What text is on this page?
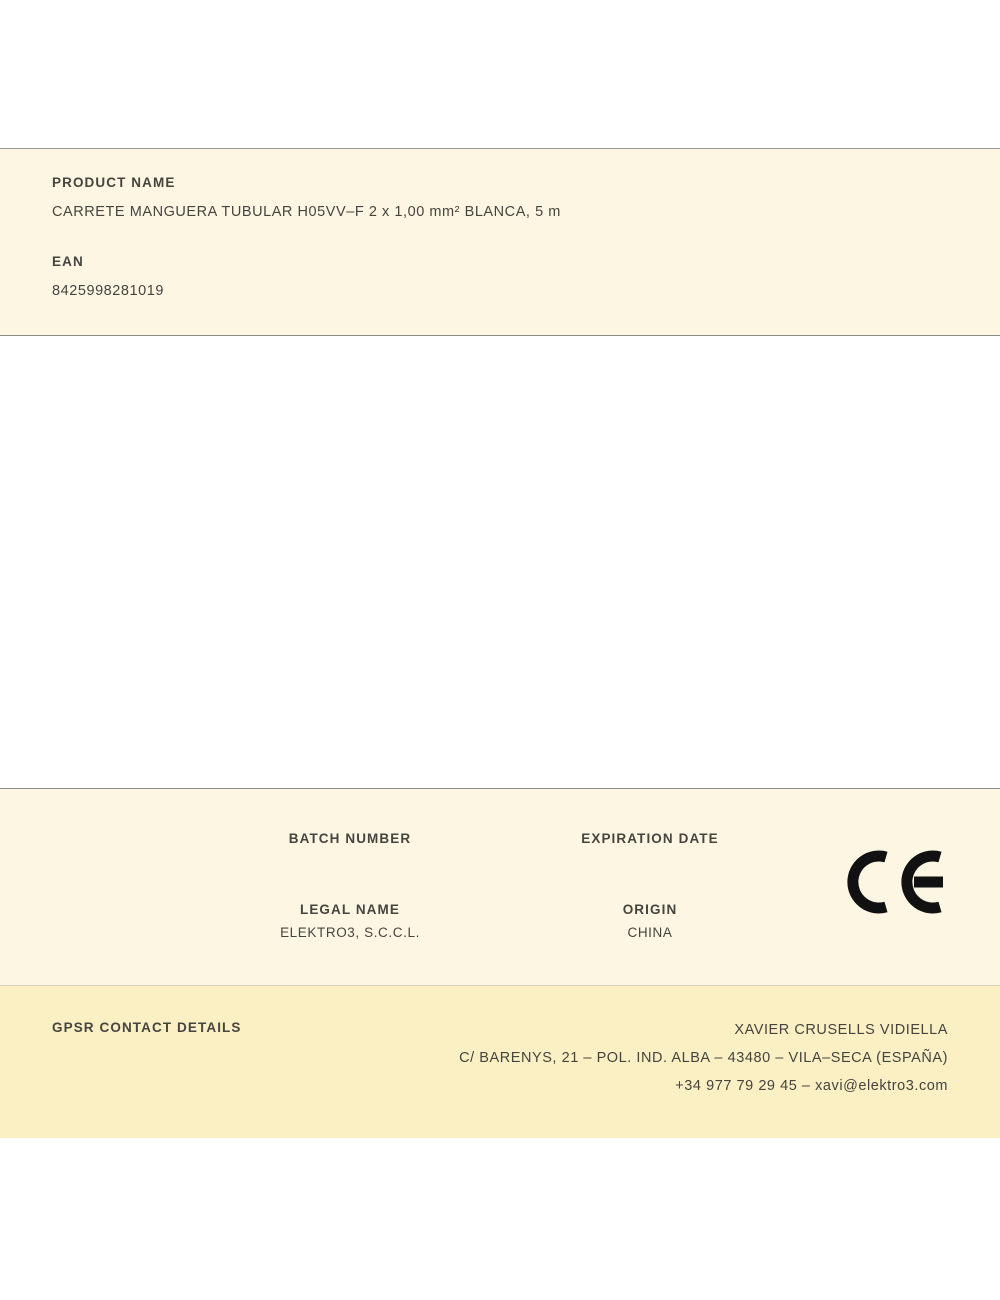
PRODUCT NAME

CARRETE MANGUERA TUBULAR H05VV–F 2 x 1,00 mm² BLANCA, 5 m

EAN

8425998281019

BATCH NUMBER	EXPIRATION DATE
LEGAL NAME
ELEKTRO3, S.C.C.L.
ORIGIN
CHINA
GPSR CONTACT DETAILS	XAVIER CRUSELLS VIDIELLA
C/ BARENYS, 21 – POL. IND. ALBA – 43480 – VILA–SECA (ESPAÑA)
+34 977 79 29 45 – xavi@elektro3.com
